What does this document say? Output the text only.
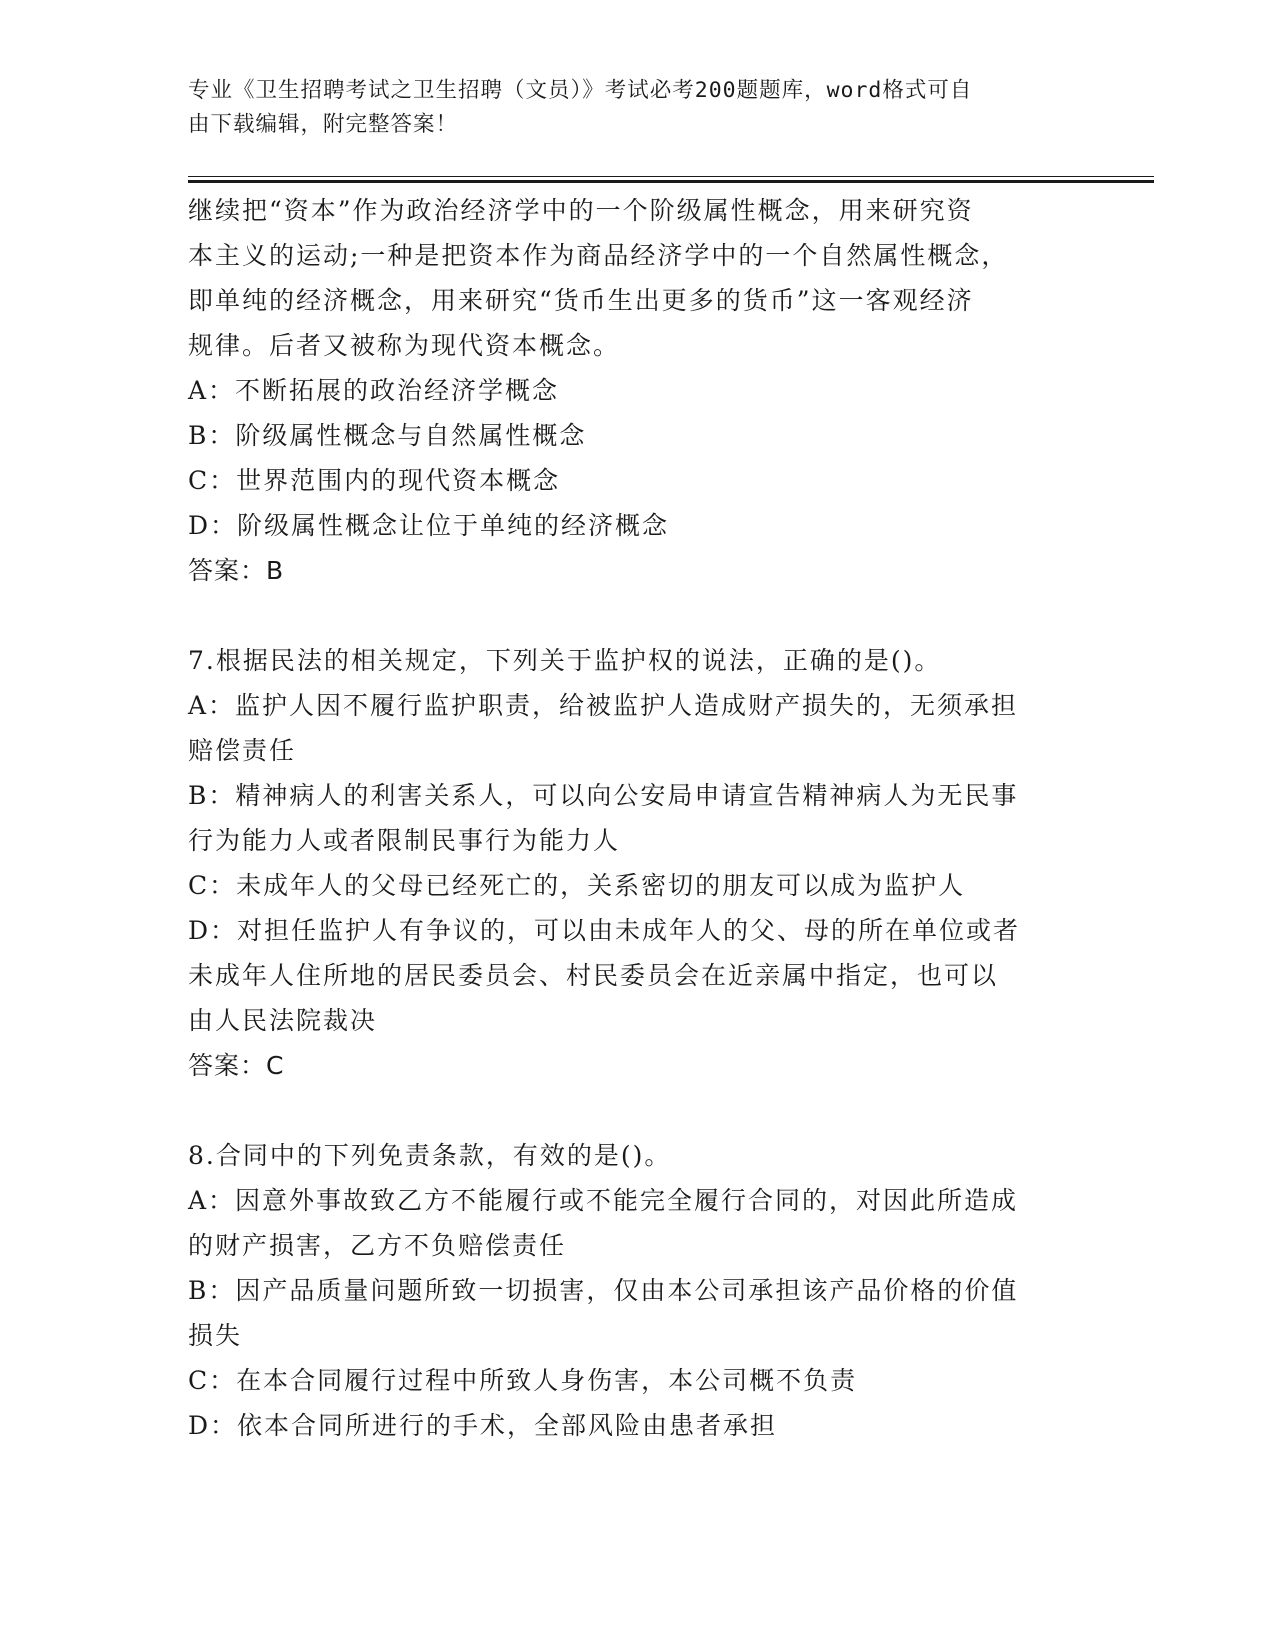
专业《卫生招聘考试之卫生招聘（文员）》考试必考200题题库，word格式可自
由下载编辑，附完整答案！
继续把“资本”作为政治经济学中的一个阶级属性概念，用来研究资
本主义的运动;一种是把资本作为商品经济学中的一个自然属性概念，
即单纯的经济概念，用来研究“货币生出更多的货币”这一客观经济
规律。后者又被称为现代资本概念。
A：不断拓展的政治经济学概念
B：阶级属性概念与自然属性概念
C：世界范围内的现代资本概念
D：阶级属性概念让位于单纯的经济概念
答案：B
7.根据民法的相关规定，下列关于监护权的说法，正确的是()。
A：监护人因不履行监护职责，给被监护人造成财产损失的，无须承担
赔偿责任
B：精神病人的利害关系人，可以向公安局申请宣告精神病人为无民事
行为能力人或者限制民事行为能力人
C：未成年人的父母已经死亡的，关系密切的朋友可以成为监护人
D：对担任监护人有争议的，可以由未成年人的父、母的所在单位或者
未成年人住所地的居民委员会、村民委员会在近亲属中指定，也可以
由人民法院裁决
答案：C
8.合同中的下列免责条款，有效的是()。
A：因意外事故致乙方不能履行或不能完全履行合同的，对因此所造成
的财产损害，乙方不负赔偿责任
B：因产品质量问题所致一切损害，仅由本公司承担该产品价格的价值
损失
C：在本合同履行过程中所致人身伤害，本公司概不负责
D：依本合同所进行的手术，全部风险由患者承担
